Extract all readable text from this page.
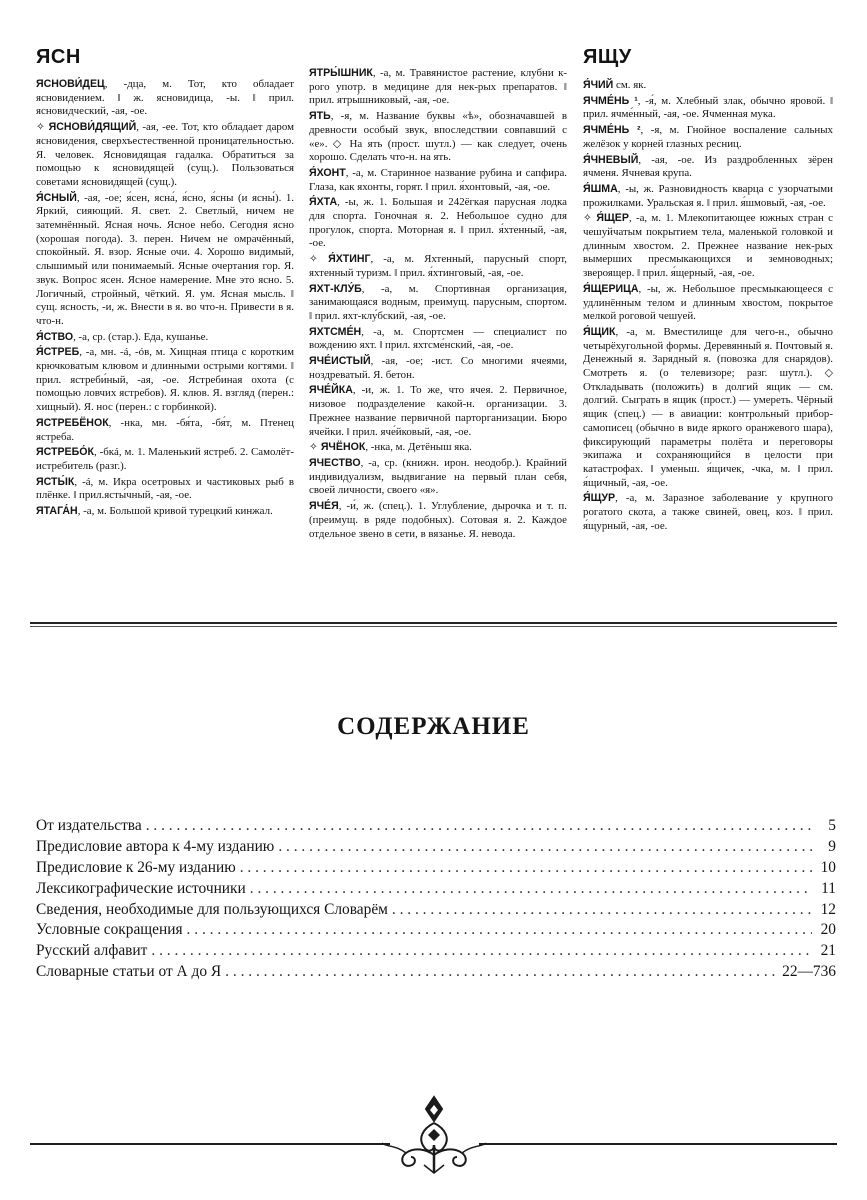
ЯСН	ЯЩУ

ЯСНОВИ́ДЕЦ, -дца, м. Тот, кто обладает ясновидением. ‖ ж. ясновидица, -ы. ‖ прил. ясновидческий, -ая, -ое.

✧ ЯСНОВИ́ДЯЩИЙ, -ая, -ее. Тот, кто обладает даром ясновидения, сверхъестественной проницательностью. Я. человек. Ясновидящая гадалка. Обратиться за помощью к ясновидящей (сущ.). Пользоваться советами ясновидящей (сущ.).

Я́СНЫЙ, -ая, -ое; я́сен, ясна́, я́сно, я́сны (и ясны́). 1. Яркий, сияющий. Я. свет. 2. Светлый, ничем не затемнённый. Ясная ночь. Ясное небо. Сегодня ясно (хорошая погода). 3. перен. Ничем не омрачённый, спокойный. Я. взор. Ясные очи. 4. Хорошо видимый, слышимый или понимаемый. Ясные очертания гор. Я. звук. Вопрос ясен. Ясное намерение. Мне это ясно. 5. Логичный, стройный, чёткий. Я. ум. Ясная мысль. ‖ сущ. ясность, -и, ж. Внести в я. во что-н. Привести в я. что-н.

Я́СТВО, -а, ср. (стар.). Еда, кушанье.

Я́СТРЕБ, -а, мн. -á, -óв, м. Хищная птица с коротким крючковатым клювом и длинными острыми когтями. ‖ прил. ястреби́ный, -ая, -ое. Ястребиная охота (с помощью ловчих ястребов). Я. клюв. Я. взгляд (перен.: хищный). Я. нос (перен.: с горбинкой).

ЯСТРЕБЁНОК, -нка, мн. -бя́та, -бя́т, м. Птенец ястреба.

ЯСТРЕБО́К, -бкá, м. 1. Маленький ястреб. 2. Самолёт-истребитель (разг.).

ЯСТЫ́К, -á, м. Икра осетровых и частиковых рыб в плёнке. ‖ прил.ясты́чный, -ая, -ое.

ЯТАГА́Н, -а, м. Большой кривой турецкий кинжал.

ЯТРЫ́ШНИК, -а, м. Травянистое растение, клубни к-рого употр. в медицине для нек-рых препаратов. ‖ прил. ятры́шниковый, -ая, -ое.

ЯТЬ, -я, м. Название буквы «ѣ», обозначавшей в древности особый звук, впоследствии совпавший с «е». ◇ На ять (прост. шутл.) — как следует, очень хорошо. Сделать что-н. на ять.

Я́ХОНТ, -а, м. Старинное название рубина и сапфира. Глаза, как яхонты, горят. ‖ прил. я́хонтовый, -ая, -ое.

Я́ХТА, -ы, ж. 1. Большая и 242ёгкая парусная лодка для спорта. Гоночная я. 2. Небольшое судно для прогулок, спорта. Моторная я. ‖ прил. я́хтенный, -ая, -ое.

✧ Я́ХТИНГ, -а, м. Яхтенный, парусный спорт, яхтенный туризм. ‖ прил. я́хтинговый, -ая, -ое.

ЯХТ-КЛУ́Б, -а, м. Спортивная организация, занимающаяся водным, преимущ. парусным, спортом. ‖ прил. яхт-клу́бский, -ая, -ое.

ЯХТСМЕ́Н, -а, м. Спортсмен — специалист по вождению яхт. ‖ прил. яхтсме́нский, -ая, -ое.

ЯЧЕ́ИСТЫЙ, -ая, -ое; -ист. Со многими ячеями, ноздреватый. Я. бетон.

ЯЧЕ́ЙКА, -и, ж. 1. То же, что ячея. 2. Первичное, низовое подразделение какой-н. организации. 3. Прежнее название первичной парторганизации. Бюро ячейки. ‖ прил. яче́йковый, -ая, -ое.

✧ ЯЧЁНОК, -нка, м. Детёныш яка.

ЯЧЕСТВО, -а, ср. (книжн. ирон. неодобр.). Крайний индивидуализм, выдвигание на первый план себя, своей личности, своего «я».

ЯЧЕ́Я, -и́, ж. (спец.). 1. Углубление, дырочка и т. п. (преимущ. в ряде подобных). Сотовая я. 2. Каждое отдельное звено в сети, в вязанье. Я. невода.

Я́ЧИЙ см. як.

ЯЧМЕ́НЬ ¹, -я́, м. Хлебный злак, обычно яровой. ‖ прил. ячме́нный, -ая, -ое. Ячменная мука.

ЯЧМЕ́НЬ ², -я, м. Гнойное воспаление сальных желёзок у корней глазных ресниц.

Я́ЧНЕВЫЙ, -ая, -ое. Из раздробленных зёрен ячменя. Ячневая крупа.

Я́ШМА, -ы, ж. Разновидность кварца с узорчатыми прожилками. Уральская я. ‖ прил. я́шмовый, -ая, -ое.

✧ Я́ЩЕР, -а, м. 1. Млекопитающее южных стран с чешуйчатым покрытием тела, маленькой головкой и длинным хвостом. 2. Прежнее название нек-рых вымерших пресмыкающихся и земноводных; звероящер. ‖ прил. я́щерный, -ая, -ое.

Я́ЩЕРИЦА, -ы, ж. Небольшое пресмыкающееся с удлинённым телом и длинным хвостом, покрытое мелкой роговой чешуей.

Я́ЩИК, -а, м. Вместилище для чего-н., обычно четырёхугольной формы. Деревянный я. Почтовый я. Денежный я. Зарядный я. (повозка для снарядов). Смотреть я. (о телевизоре; разг. шутл.). ◇ Откладывать (положить) в долгий ящик — см. долгий. Сыграть в ящик (прост.) — умереть. Чёрный ящик (спец.) — в авиации: контрольный прибор-самописец (обычно в виде яркого оранжевого шара), фиксирующий параметры полёта и переговоры экипажа и сохраняющийся в целости при катастрофах. ‖ уменьш. я́щичек, -чка, м. ‖ прил. я́щичный, -ая, -ое.

Я́ЩУР, -а, м. Заразное заболевание у крупного рогатого скота, а также свиней, овец, коз. ‖ прил. я́щурный, -ая, -ое.

СОДЕРЖАНИЕ
От издательства . . .	5
Предисловие автора к 4-му изданию . . .	9
Предисловие к 26-му изданию . . .	10
Лексикографические источники . . .	11
Сведения, необходимые для пользующихся Словарём . . .	12
Условные сокращения . . .	20
Русский алфавит . . .	21
Словарные статьи от А до Я . . .	22—736
